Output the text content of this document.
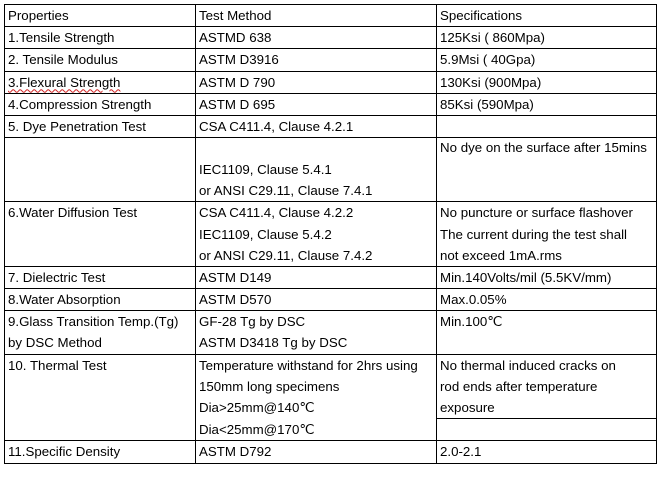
Properties	Test Method	Specifications
1.Tensile Strength	ASTMD 638	125Ksi ( 860Mpa)
2. Tensile Modulus	ASTM D3916	5.9Msi ( 40Gpa)
3.Flexural Strength	ASTM D 790	130Ksi (900Mpa)
4.Compression Strength	ASTM D 695	85Ksi (590Mpa)
5. Dye Penetration Test	CSA C411.4, Clause 4.2.1	
	IEC1109, Clause 5.4.1	No dye on the surface after 15mins
	or ANSI C29.11, Clause 7.4.1	
6.Water Diffusion Test	CSA C411.4, Clause 4.2.2	No puncture or surface flashover
	IEC1109, Clause 5.4.2	The current during the test shall
	or ANSI C29.11, Clause 7.4.2	not exceed 1mA.rms
7. Dielectric Test	ASTM D149	Min.140Volts/mil (5.5KV/mm)
8.Water Absorption	ASTM D570	Max.0.05%
9.Glass Transition Temp.(Tg)	GF-28 Tg by DSC	Min.100℃
by DSC Method	ASTM D3418 Tg by DSC	
10. Thermal Test	Temperature withstand for 2hrs using	No thermal induced cracks on
	150mm long specimens	rod ends after temperature
	Dia>25mm@140℃	exposure
	Dia<25mm@170℃	
11.Specific Density	ASTM D792	2.0-2.1
